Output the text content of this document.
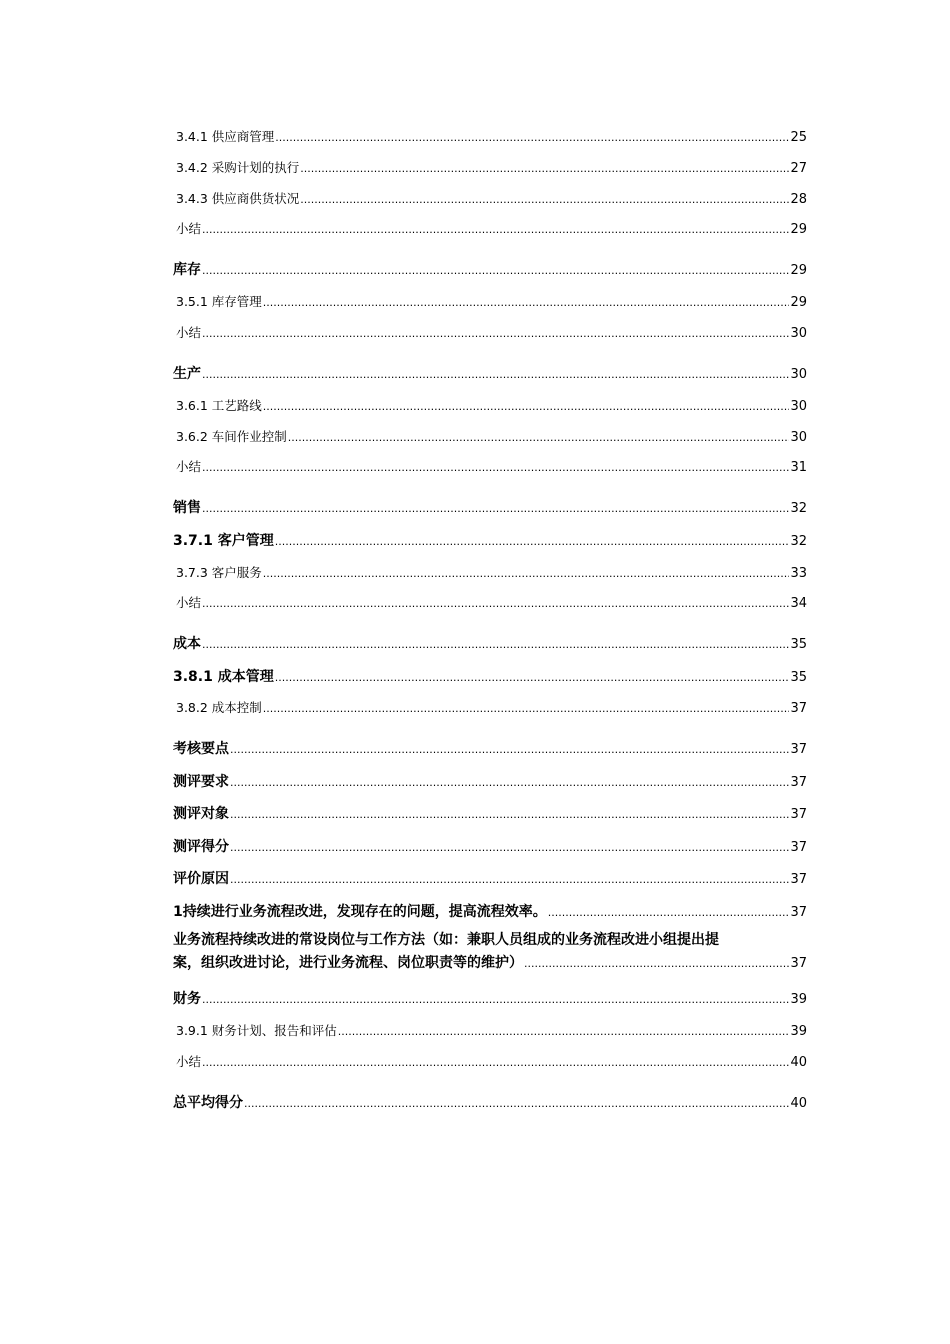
3.4.1 供应商管理 .....	25
3.4.2 采购计划的执行 .....	27
3.4.3 供应商供货状况 .....	28
小结 .....	29
库存 .....	29
3.5.1 库存管理 .....	29
小结 .....	30
生产 .....	30
3.6.1 工艺路线 .....	30
3.6.2 车间作业控制 .....	30
小结 .....	31
销售 .....	32
3.7.1 客户管理 .....	32
3.7.3 客户服务 .....	33
小结 .....	34
成本 .....	35
3.8.1 成本管理 .....	35
3.8.2 成本控制 .....	37
考核要点 .....	37
测评要求 .....	37
测评对象 .....	37
测评得分 .....	37
评价原因 .....	37
1持续进行业务流程改进，发现存在的问题，提高流程效率。 .....	37
业务流程持续改进的常设岗位与工作方法（如：兼职人员组成的业务流程改进小组提出提
案，组织改进讨论，进行业务流程、岗位职责等的维护） .....	37
财务 .....	39
3.9.1 财务计划、报告和评估 .....	39
小结 .....	40
总平均得分 .....	40
